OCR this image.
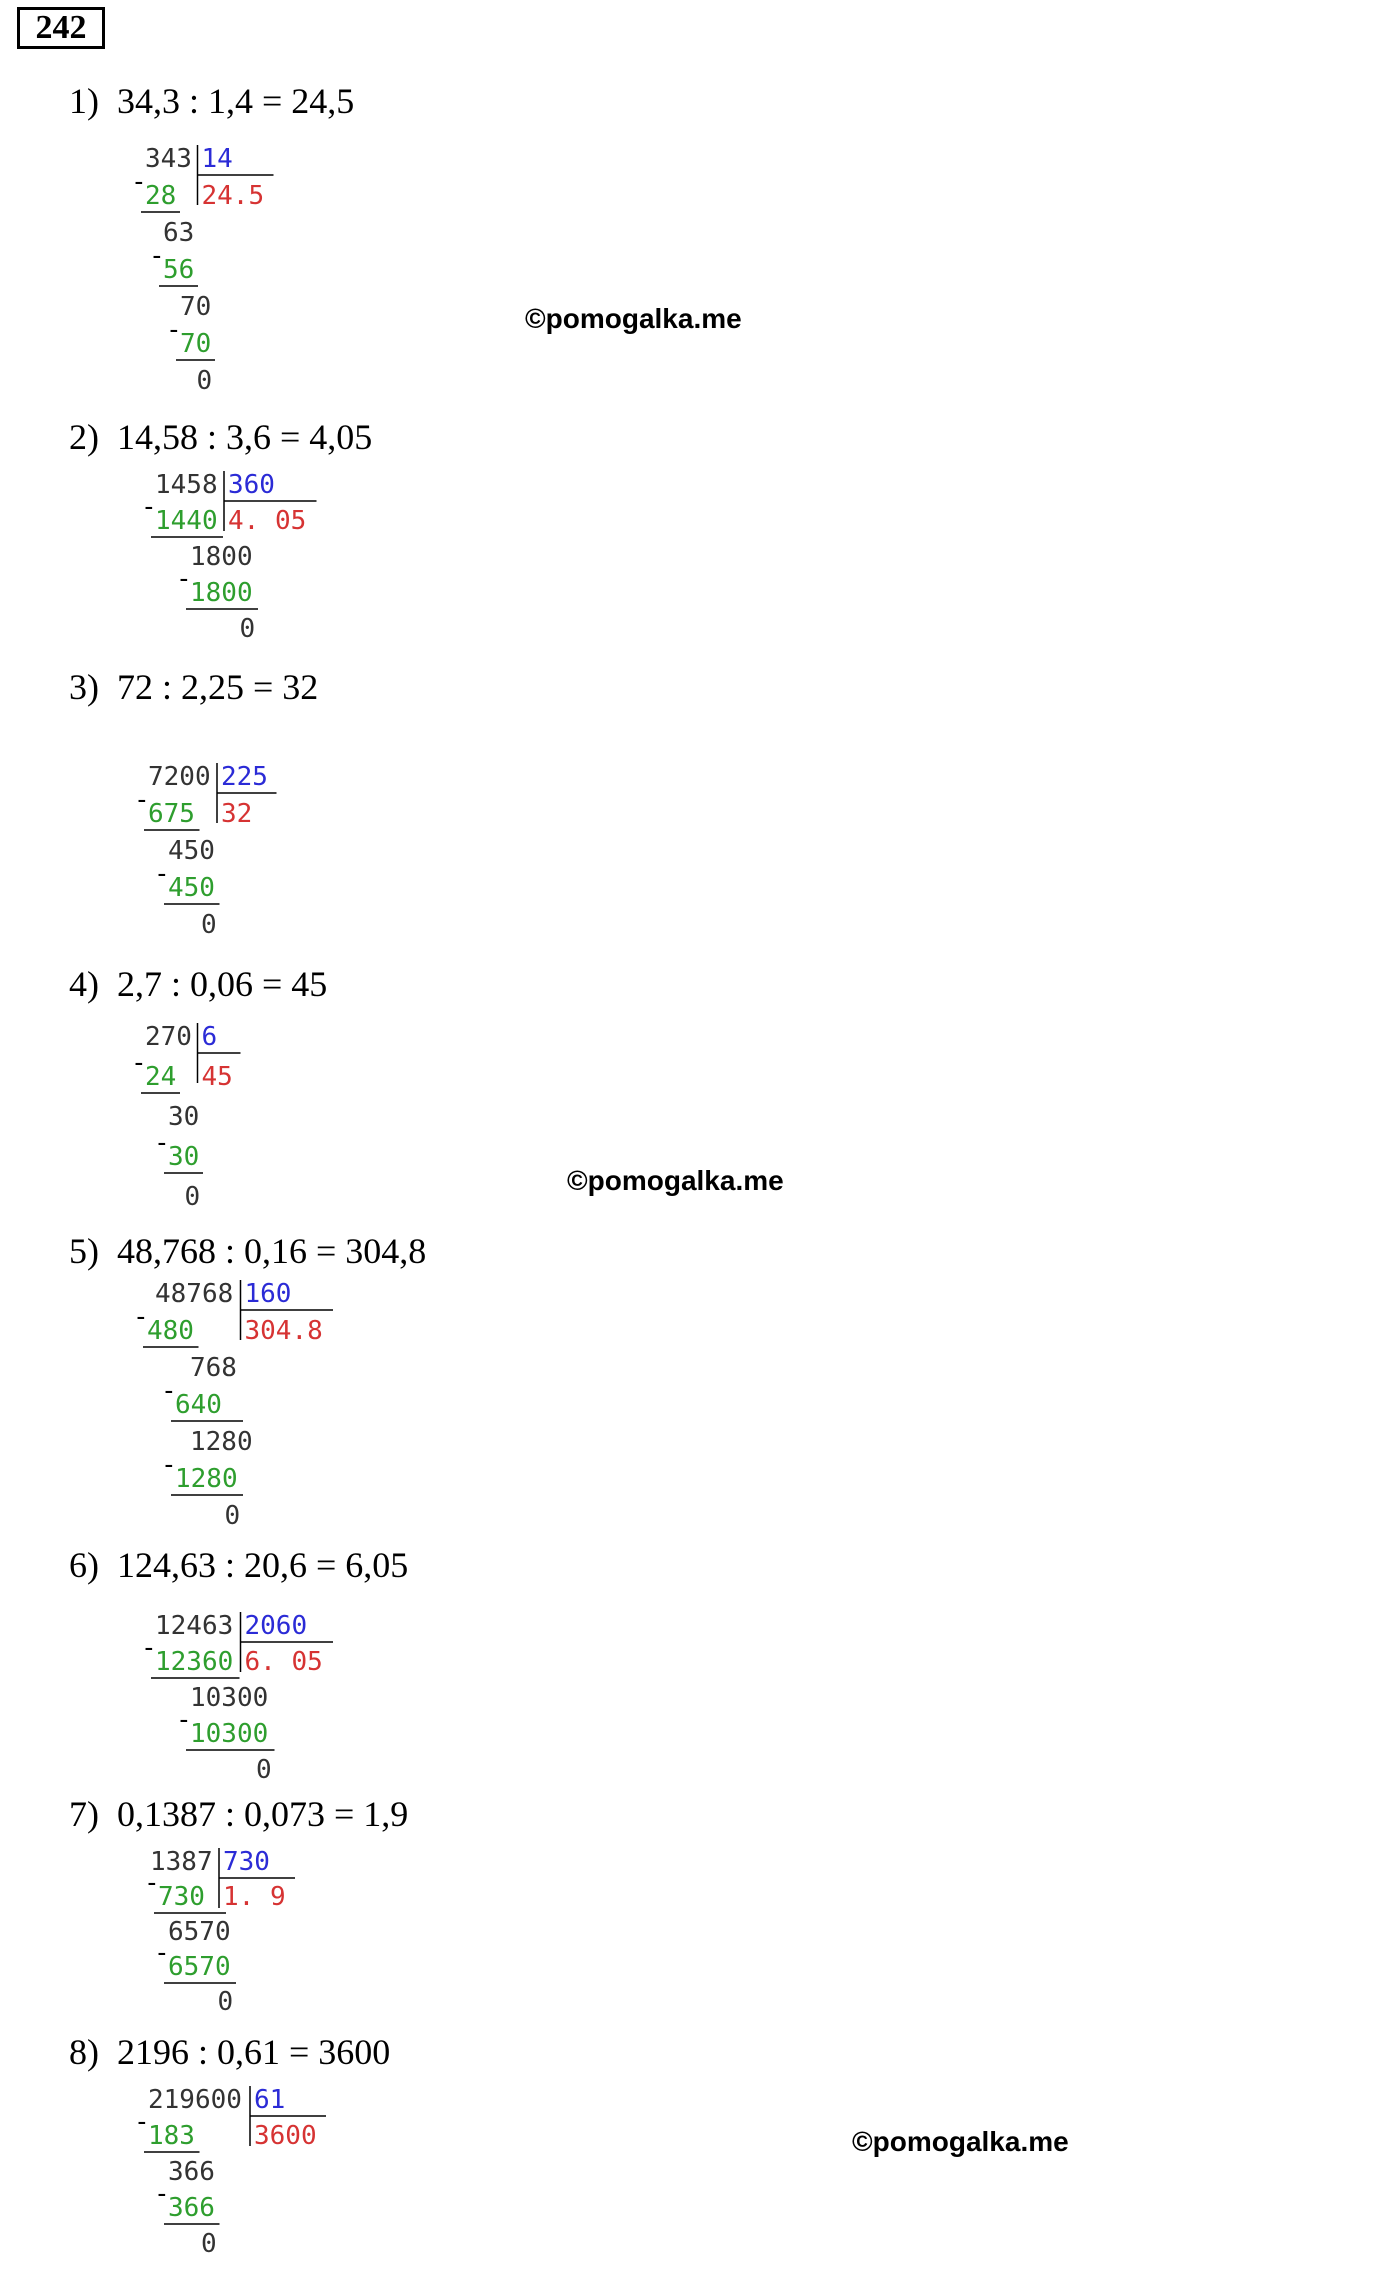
242
1)  34,3 : 1,4 = 24,5
2)  14,58 : 3,6 = 4,05
3)  72 : 2,25 = 32
4)  2,7 : 0,06 = 45
5)  48,768 : 0,16 = 304,8
6)  124,63 : 20,6 = 6,05
7)  0,1387 : 0,073 = 1,9
8)  2196 : 0,61 = 3600
©pomogalka.me
©pomogalka.me
©pomogalka.me
343 14
24.5
-
28
63
-
56
70
-
70
0
1458 360
4. 05
-
1440
1800
-
1800
0
7200 225
32
-
675
450
-
450
0
270 6
45
-
24
30
-
30
0
48768 160
304.8
-
480
768
-
640
1280
-
1280
0
12463 2060
6. 05
-
12360
10300
-
10300
0
1387 730
1. 9
-
730
6570
-
6570
0
219600 61
3600
-
183
366
-
366
0
